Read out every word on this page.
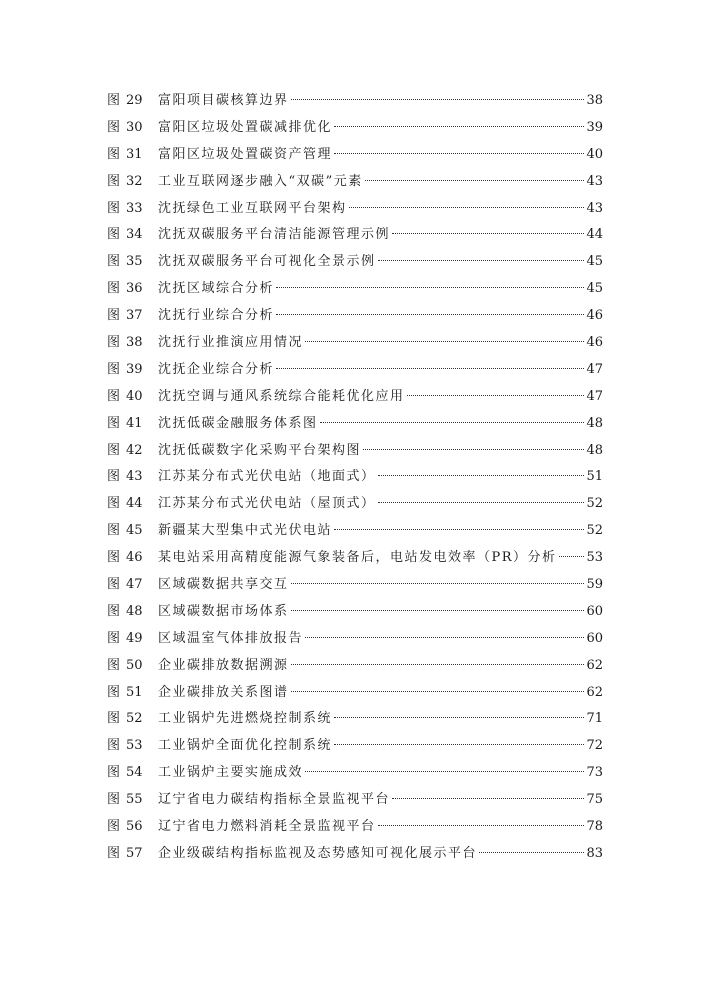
图 29 富阳项目碳核算边界	38
图 30 富阳区垃圾处置碳减排优化	39
图 31 富阳区垃圾处置碳资产管理	40
图 32 工业互联网逐步融入“双碳”元素	43
图 33 沈抚绿色工业互联网平台架构	43
图 34 沈抚双碳服务平台清洁能源管理示例	44
图 35 沈抚双碳服务平台可视化全景示例	45
图 36 沈抚区域综合分析	45
图 37 沈抚行业综合分析	46
图 38 沈抚行业推演应用情况	46
图 39 沈抚企业综合分析	47
图 40 沈抚空调与通风系统综合能耗优化应用	47
图 41 沈抚低碳金融服务体系图	48
图 42 沈抚低碳数字化采购平台架构图	48
图 43 江苏某分布式光伏电站（地面式）	51
图 44 江苏某分布式光伏电站（屋顶式）	52
图 45 新疆某大型集中式光伏电站	52
图 46 某电站采用高精度能源气象装备后，电站发电效率（PR）分析 53
图 47 区域碳数据共享交互	59
图 48 区域碳数据市场体系	60
图 49 区域温室气体排放报告	60
图 50 企业碳排放数据溯源	62
图 51 企业碳排放关系图谱	62
图 52 工业锅炉先进燃烧控制系统	71
图 53 工业锅炉全面优化控制系统	72
图 54 工业锅炉主要实施成效	73
图 55 辽宁省电力碳结构指标全景监视平台	75
图 56 辽宁省电力燃料消耗全景监视平台	78
图 57 企业级碳结构指标监视及态势感知可视化展示平台	83
